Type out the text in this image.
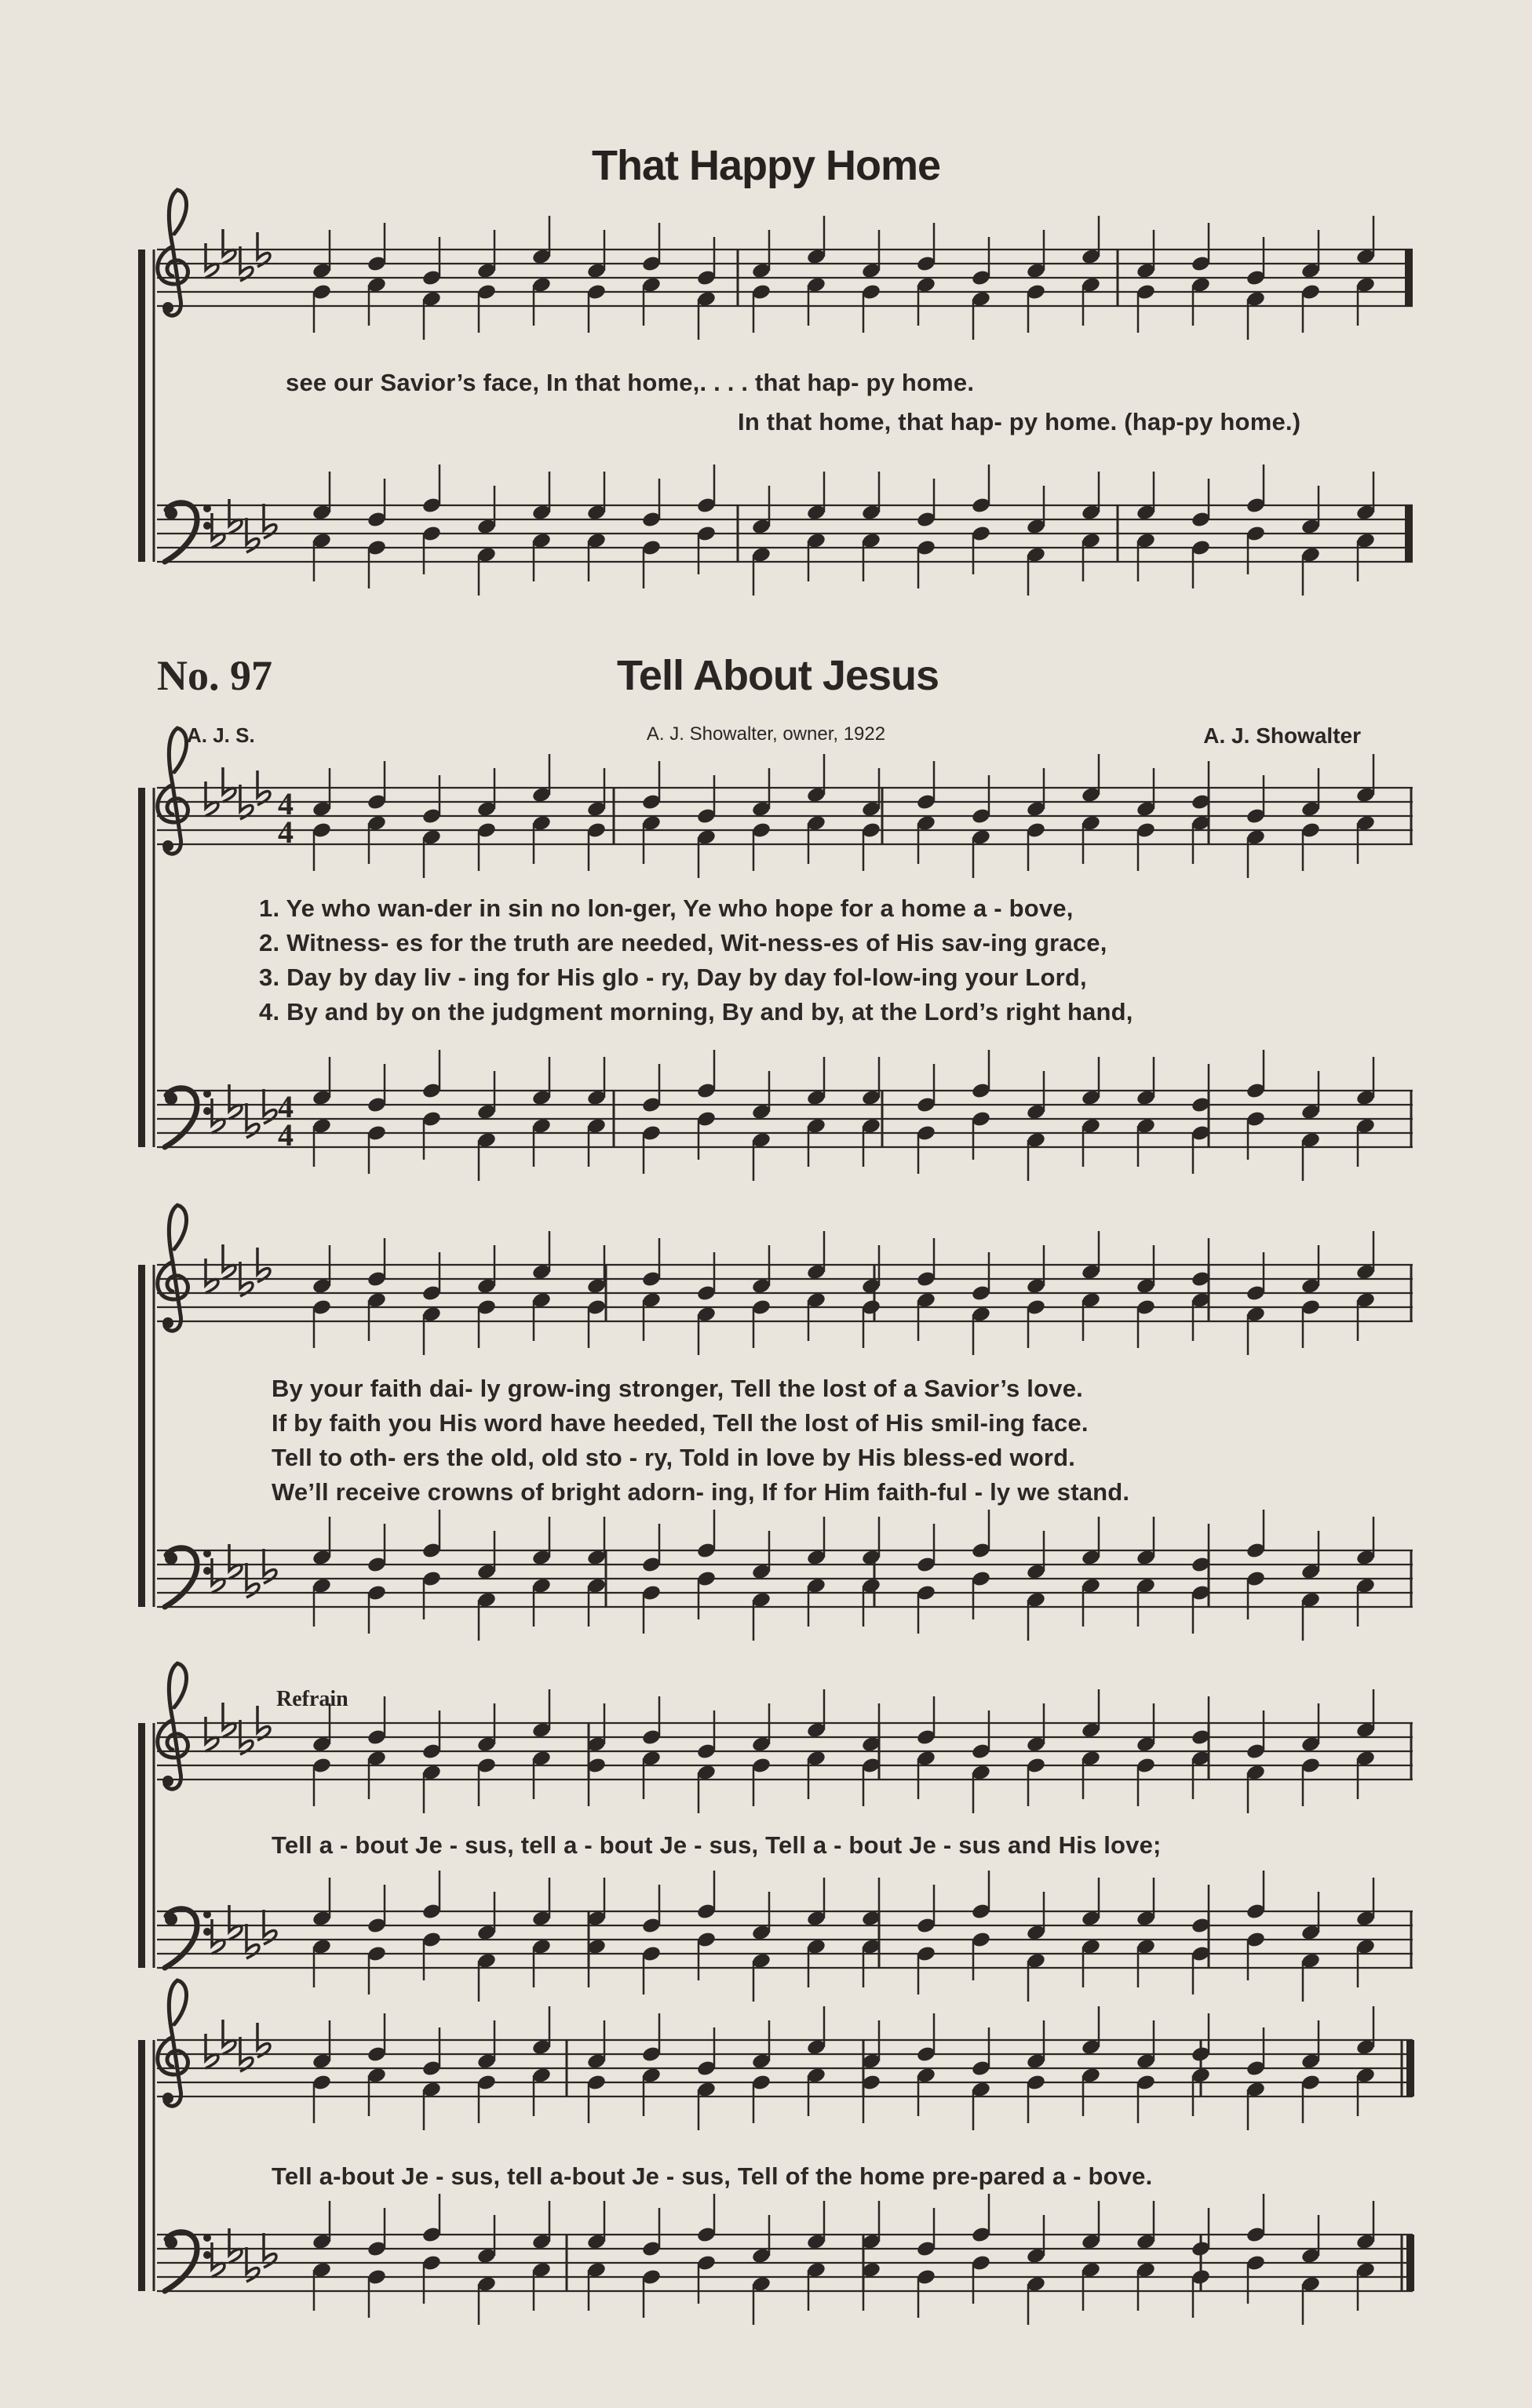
4
4
4
4
That Happy Home
see our Savior’s face, In that home,. . . . that hap- py home.
In that home, that hap- py home. (hap-py home.)
No. 97	Tell About Jesus
A. J. S.	A. J. Showalter, owner, 1922	A. J. Showalter
1. Ye who wan-der in sin no lon-ger, Ye who hope for a home a - bove,
2. Witness- es for the truth are needed, Wit-ness-es of His sav-ing grace,
3. Day by day liv - ing for His glo - ry, Day by day fol-low-ing your Lord,
4. By and by on the judgment morning, By and by, at the Lord’s right hand,
By your faith dai- ly grow-ing stronger, Tell the lost of a Savior’s love.
If by faith you His word have heeded, Tell the lost of His smil-ing face.
Tell to oth- ers the old, old sto - ry, Told in love by His bless-ed word.
We’ll receive crowns of bright adorn- ing, If for Him faith-ful - ly we stand.
Refrain
Tell a - bout Je - sus, tell a - bout Je - sus, Tell a - bout Je - sus and His love;
Tell a-bout Je - sus, tell a-bout Je - sus, Tell of the home pre-pared a - bove.
